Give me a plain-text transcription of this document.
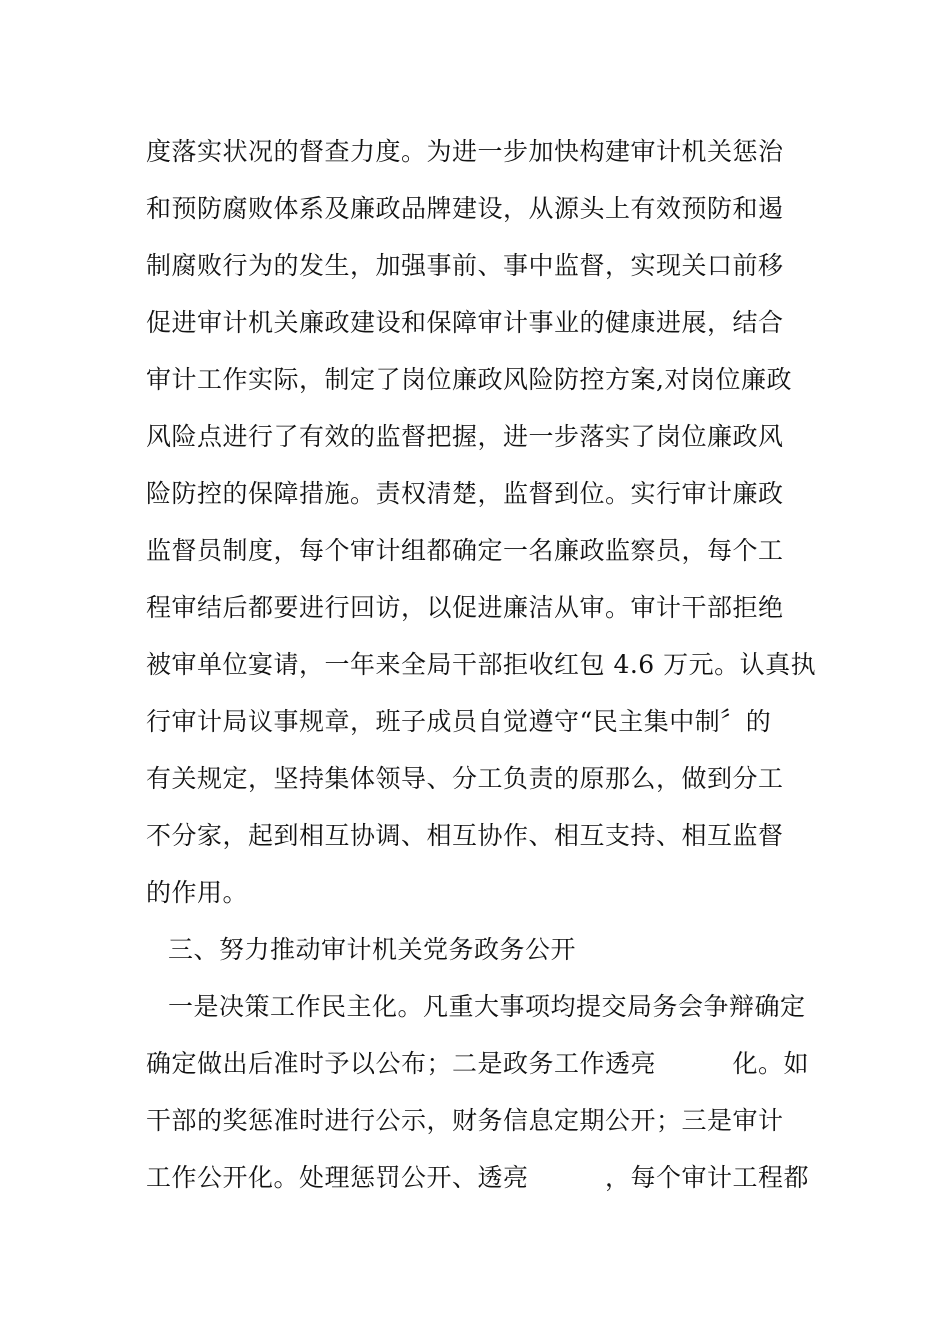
度落实状况的督查力度。为进一步加快构建审计机关惩治
和预防腐败体系及廉政品牌建设，从源头上有效预防和遏
制腐败行为的发生，加强事前、事中监督，实现关口前移
促进审计机关廉政建设和保障审计事业的健康进展，结合
审计工作实际，制定了岗位廉政风险防控方案,对岗位廉政
风险点进行了有效的监督把握，进一步落实了岗位廉政风
险防控的保障措施。责权清楚，监督到位。实行审计廉政
监督员制度，每个审计组都确定一名廉政监察员，每个工
程审结后都要进行回访，以促进廉洁从审。审计干部拒绝
被审单位宴请，一年来全局干部拒收红包 4.6 万元。认真执
行审计局议事规章，班子成员自觉遵守“民主集中制〞的
有关规定，坚持集体领导、分工负责的原那么，做到分工
不分家，起到相互协调、相互协作、相互支持、相互监督
的作用。
三、努力推动审计机关党务政务公开
一是决策工作民主化。凡重大事项均提交局务会争辩确定
确定做出后准时予以公布；二是政务工作透亮　　　化。如
干部的奖惩准时进行公示，财务信息定期公开；三是审计
工作公开化。处理惩罚公开、透亮　　　，每个审计工程都
